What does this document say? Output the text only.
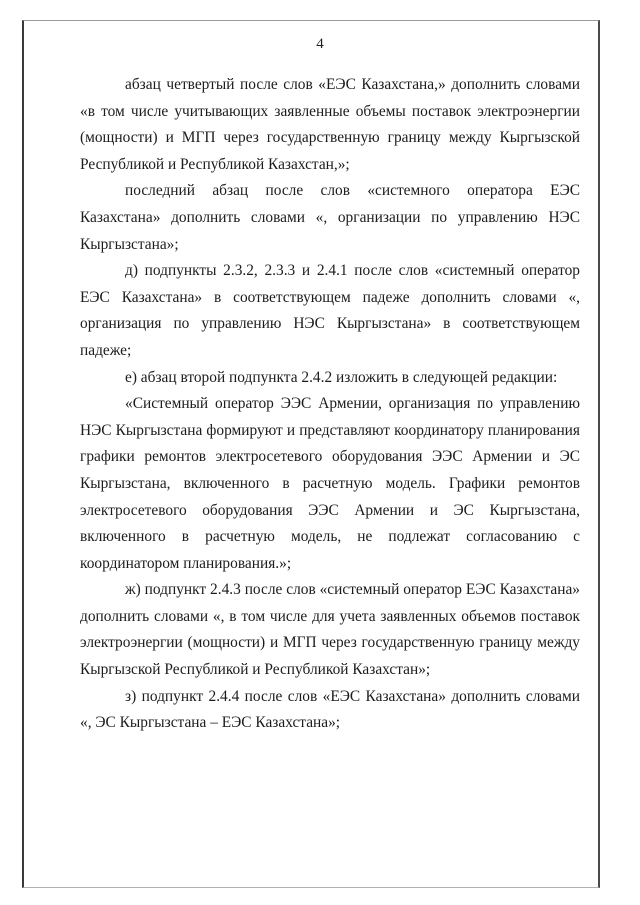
4

абзац четвертый после слов «ЕЭС Казахстана,» дополнить словами «в том числе учитывающих заявленные объемы поставок электроэнергии (мощности) и МГП через государственную границу между Кыргызской Республикой и Республикой Казахстан,»;

последний абзац после слов «системного оператора ЕЭС Казахстана» дополнить словами «, организации по управлению НЭС Кыргызстана»;

д) подпункты 2.3.2, 2.3.3 и 2.4.1 после слов «системный оператор ЕЭС Казахстана» в соответствующем падеже дополнить словами «, организация по управлению НЭС Кыргызстана» в соответствующем падеже;

е) абзац второй подпункта 2.4.2 изложить в следующей редакции:

«Системный оператор ЭЭС Армении, организация по управлению НЭС Кыргызстана формируют и представляют координатору планирования графики ремонтов электросетевого оборудования ЭЭС Армении и ЭС Кыргызстана, включенного в расчетную модель. Графики ремонтов электросетевого оборудования ЭЭС Армении и ЭС Кыргызстана, включенного в расчетную модель, не подлежат согласованию с координатором планирования.»;

ж) подпункт 2.4.3 после слов «системный оператор ЕЭС Казахстана» дополнить словами «, в том числе для учета заявленных объемов поставок электроэнергии (мощности) и МГП через государственную границу между Кыргызской Республикой и Республикой Казахстан»;

з) подпункт 2.4.4 после слов «ЕЭС Казахстана» дополнить словами «, ЭС Кыргызстана – ЕЭС Казахстана»;
